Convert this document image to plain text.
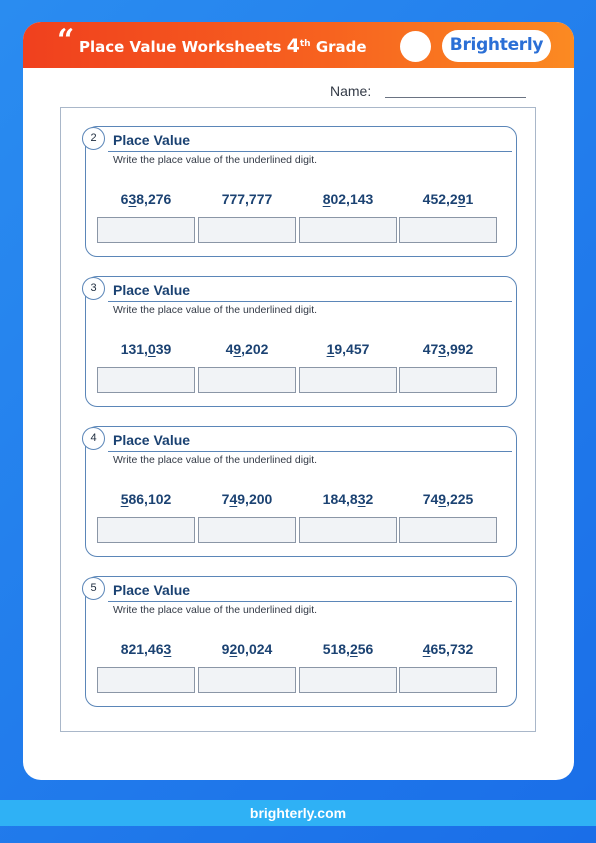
“ Place Value Worksheets 4th Grade	Brighterly
Name:
2	Place Value
Write the place value of the underlined digit.
638,276	777,777	802,143	452,291
3	Place Value
Write the place value of the underlined digit.
131,039	49,202	19,457	473,992
4	Place Value
Write the place value of the underlined digit.
586,102	749,200	184,832	749,225
5	Place Value
Write the place value of the underlined digit.
821,463	920,024	518,256	465,732
brighterly.com
